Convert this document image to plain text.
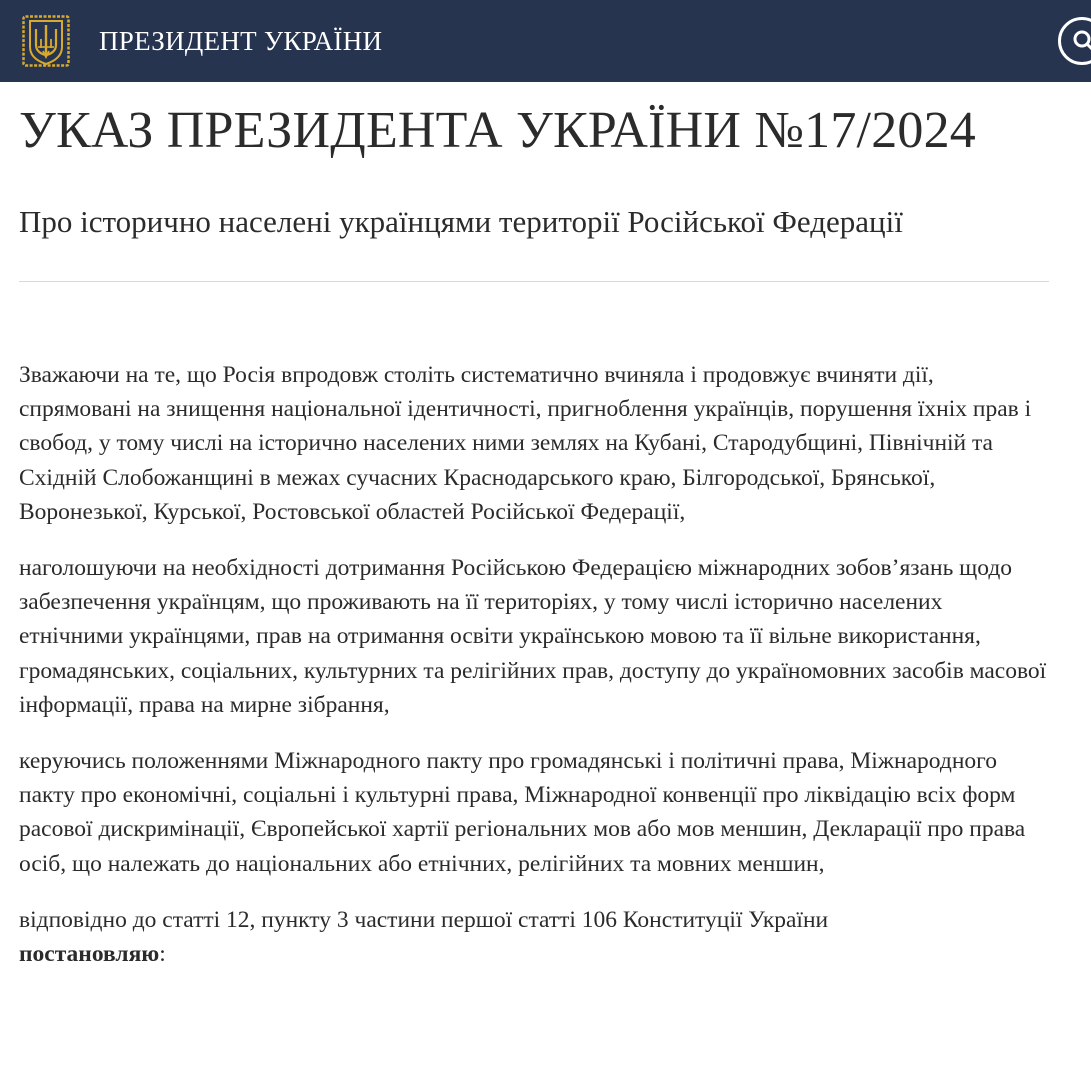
ПРЕЗИДЕНТ УКРАЇНИ
УКАЗ ПРЕЗИДЕНТА УКРАЇНИ №17/2024
Про історично населені українцями території Російської Федерації

Зважаючи на те, що Росія впродовж століть систематично вчиняла і продовжує вчиняти дії, спрямовані на знищення національної ідентичності, пригноблення українців, порушення їхніх прав і свобод, у тому числі на історично населених ними землях на Кубані, Стародубщині, Північній та Східній Слобожанщині в межах сучасних Краснодарського краю, Білгородської, Брянської, Воронезької, Курської, Ростовської областей Російської Федерації,

наголошуючи на необхідності дотримання Російською Федерацією міжнародних зобов’язань щодо забезпечення українцям, що проживають на її територіях, у тому числі історично населених етнічними українцями, прав на отримання освіти українською мовою та її вільне використання, громадянських, соціальних, культурних та релігійних прав, доступу до україномовних засобів масової інформації, права на мирне зібрання,

керуючись положеннями Міжнародного пакту про громадянські і політичні права, Міжнародного пакту про економічні, соціальні і культурні права, Міжнародної конвенції про ліквідацію всіх форм расової дискримінації, Європейської хартії регіональних мов або мов меншин, Декларації про права осіб, що належать до національних або етнічних, релігійних та мовних меншин,

відповідно до статті 12, пункту 3 частини першої статті 106 Конституції України
постановляю:
